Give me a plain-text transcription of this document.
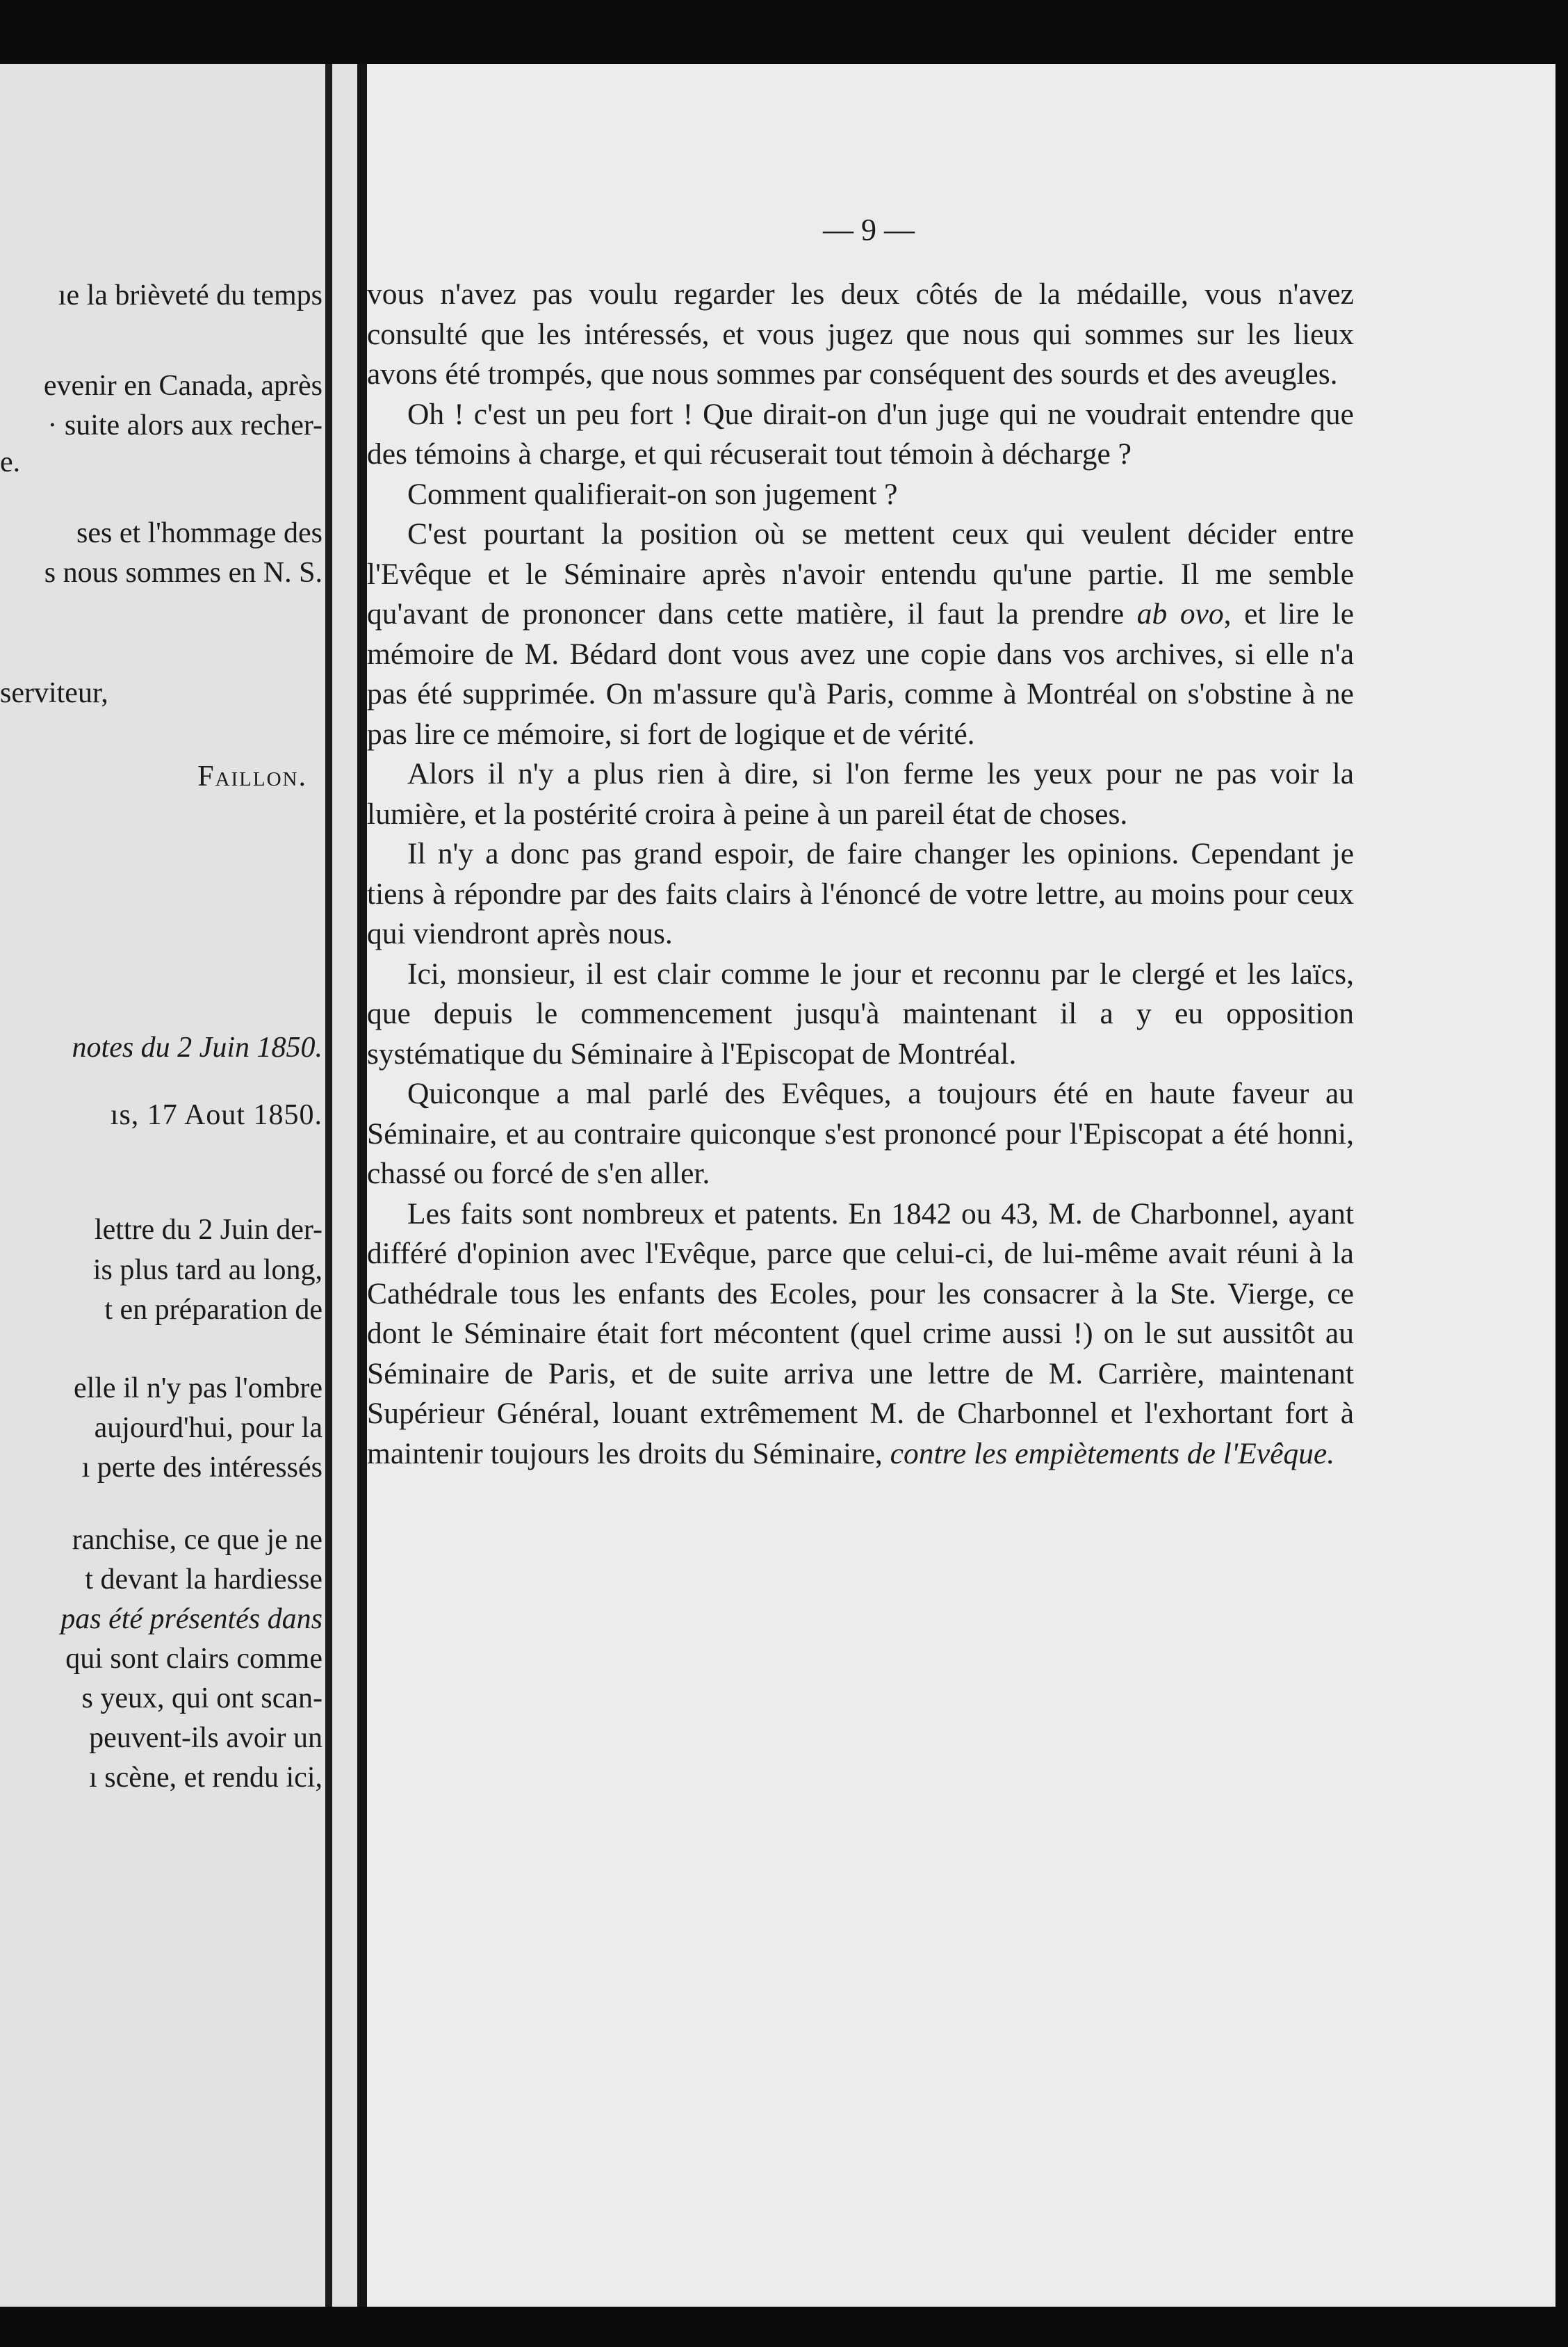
ıe la brièveté du temps
evenir en Canada, après
· suite alors aux recher-
e.
ses et l'hommage des
s nous sommes en N. S.
serviteur,
Faillon.
notes du 2 Juin 1850.
ıs, 17 Aout 1850.
lettre du 2 Juin der-
is plus tard au long,
t en préparation de
elle il n'y pas l'ombre
aujourd'hui, pour la
ı perte des intéressés
ranchise, ce que je ne
t devant la hardiesse
pas été présentés dans
qui sont clairs comme
s yeux, qui ont scan-
peuvent-ils avoir un
ı scène, et rendu ici,
— 9 —

vous n'avez pas voulu regarder les deux côtés de la médaille, vous n'avez consulté que les intéressés, et vous jugez que nous qui sommes sur les lieux avons été trompés, que nous sommes par conséquent des sourds et des aveugles.

Oh ! c'est un peu fort ! Que dirait-on d'un juge qui ne voudrait entendre que des témoins à charge, et qui récuserait tout témoin à décharge ?

Comment qualifierait-on son jugement ?

C'est pourtant la position où se mettent ceux qui veulent décider entre l'Evêque et le Séminaire après n'avoir entendu qu'une partie. Il me semble qu'avant de prononcer dans cette matière, il faut la prendre ab ovo, et lire le mémoire de M. Bédard dont vous avez une copie dans vos archives, si elle n'a pas été supprimée. On m'assure qu'à Paris, comme à Montréal on s'obstine à ne pas lire ce mémoire, si fort de logique et de vérité.

Alors il n'y a plus rien à dire, si l'on ferme les yeux pour ne pas voir la lumière, et la postérité croira à peine à un pareil état de choses.

Il n'y a donc pas grand espoir, de faire changer les opinions. Cependant je tiens à répondre par des faits clairs à l'énoncé de votre lettre, au moins pour ceux qui viendront après nous.

Ici, monsieur, il est clair comme le jour et reconnu par le clergé et les laïcs, que depuis le commencement jusqu'à maintenant il a y eu opposition systématique du Séminaire à l'Episcopat de Montréal.

Quiconque a mal parlé des Evêques, a toujours été en haute faveur au Séminaire, et au contraire quiconque s'est prononcé pour l'Episcopat a été honni, chassé ou forcé de s'en aller.

Les faits sont nombreux et patents. En 1842 ou 43, M. de Charbonnel, ayant différé d'opinion avec l'Evêque, parce que celui-ci, de lui-même avait réuni à la Cathédrale tous les enfants des Ecoles, pour les consacrer à la Ste. Vierge, ce dont le Séminaire était fort mécontent (quel crime aussi !) on le sut aussitôt au Séminaire de Paris, et de suite arriva une lettre de M. Carrière, maintenant Supérieur Général, louant extrêmement M. de Charbonnel et l'exhortant fort à maintenir toujours les droits du Séminaire, contre les empiètements de l'Evêque.
